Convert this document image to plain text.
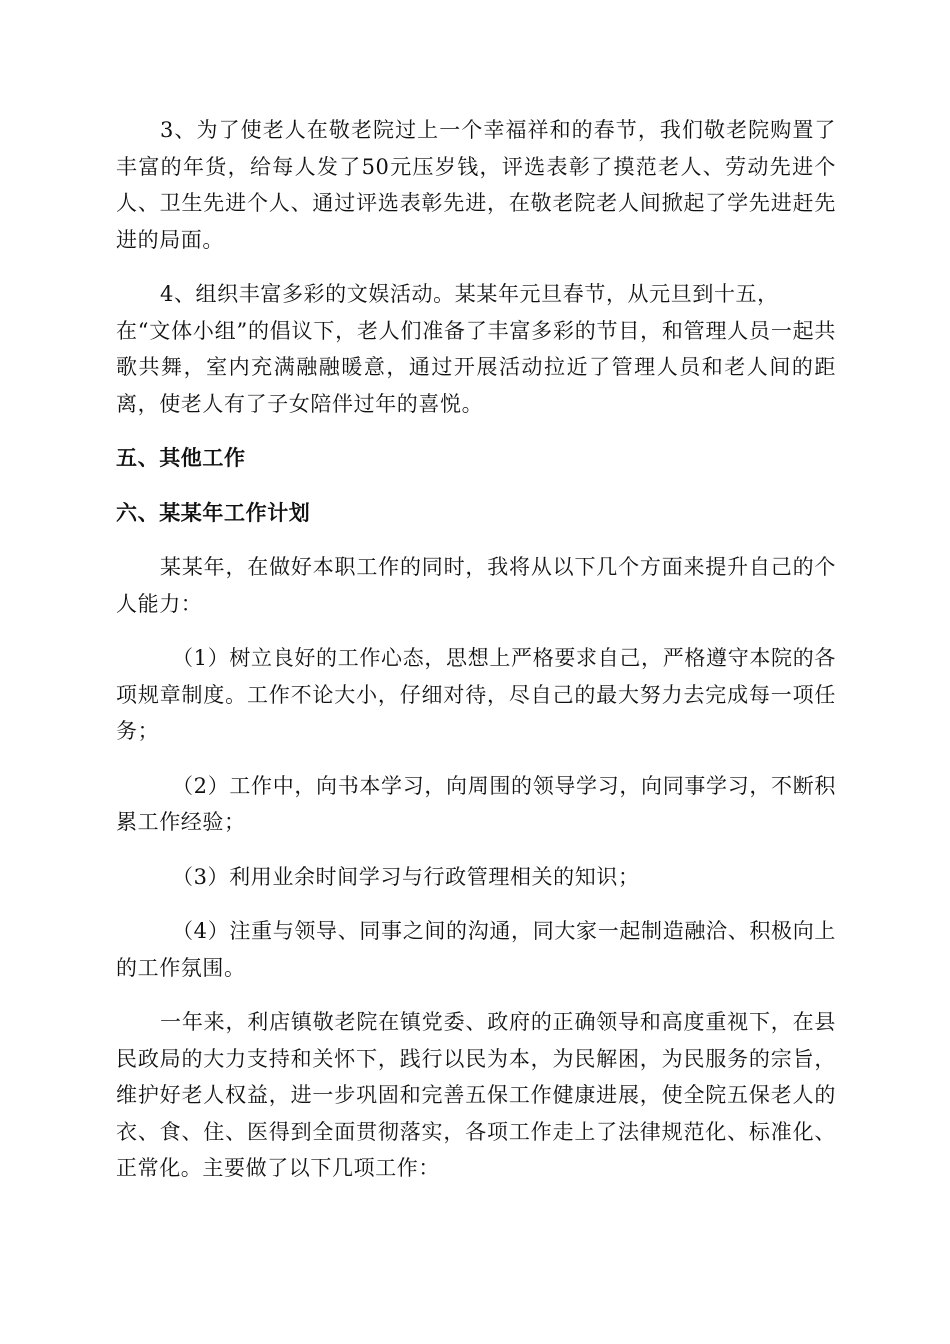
3、为了使老人在敬老院过上一个幸福祥和的春节，我们敬老院购置了丰富的年货，给每人发了50元压岁钱，评选表彰了摸范老人、劳动先进个人、卫生先进个人、通过评选表彰先进，在敬老院老人间掀起了学先进赶先进的局面。

4、组织丰富多彩的文娱活动。某某年元旦春节，从元旦到十五，

在“文体小组”的倡议下，老人们准备了丰富多彩的节目，和管理人员一起共歌共舞，室内充满融融暖意，通过开展活动拉近了管理人员和老人间的距离，使老人有了子女陪伴过年的喜悦。

五、其他工作

六、某某年工作计划

某某年，在做好本职工作的同时，我将从以下几个方面来提升自己的个人能力：

（1）树立良好的工作心态，思想上严格要求自己，严格遵守本院的各项规章制度。工作不论大小，仔细对待，尽自己的最大努力去完成每一项任务；

（2）工作中，向书本学习，向周围的领导学习，向同事学习，不断积累工作经验；

（3）利用业余时间学习与行政管理相关的知识；

（4）注重与领导、同事之间的沟通，同大家一起制造融洽、积极向上的工作氛围。

一年来，利店镇敬老院在镇党委、政府的正确领导和高度重视下，在县民政局的大力支持和关怀下，践行以民为本，为民解困，为民服务的宗旨，维护好老人权益，进一步巩固和完善五保工作健康进展，使全院五保老人的衣、食、住、医得到全面贯彻落实，各项工作走上了法律规范化、标准化、正常化。主要做了以下几项工作：
